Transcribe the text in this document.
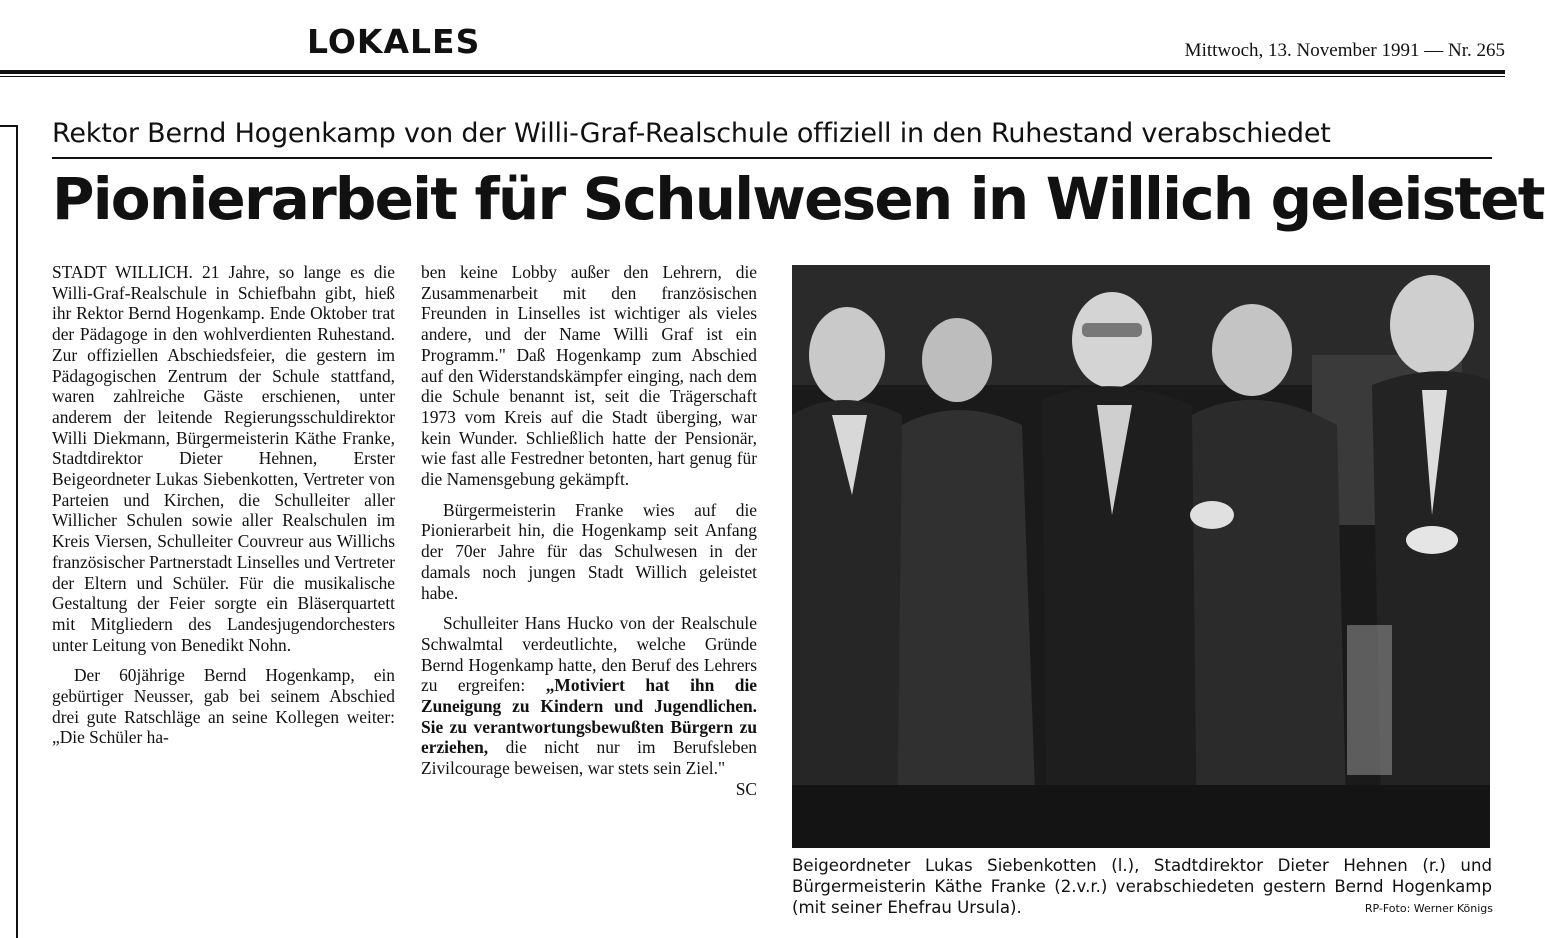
LOKALES	Mittwoch, 13. November 1991 — Nr. 265
Rektor Bernd Hogenkamp von der Willi-Graf-Realschule offiziell in den Ruhestand verabschiedet
Pionierarbeit für Schulwesen in Willich geleistet

STADT WILLICH. 21 Jahre, so lange es die Willi-Graf-Realschule in Schiefbahn gibt, hieß ihr Rektor Bernd Hogenkamp. Ende Oktober trat der Pädagoge in den wohlverdienten Ruhestand. Zur offiziellen Abschiedsfeier, die gestern im Pädagogischen Zentrum der Schule stattfand, waren zahlreiche Gäste erschienen, unter anderem der leitende Regierungsschuldirektor Willi Diekmann, Bürgermeisterin Käthe Franke, Stadtdirektor Dieter Hehnen, Erster Beigeordneter Lukas Siebenkotten, Vertreter von Parteien und Kirchen, die Schulleiter aller Willicher Schulen sowie aller Realschulen im Kreis Viersen, Schulleiter Couvreur aus Willichs französischer Partnerstadt Linselles und Vertreter der Eltern und Schüler. Für die musikalische Gestaltung der Feier sorgte ein Bläserquartett mit Mitgliedern des Landesjugendorchesters unter Leitung von Benedikt Nohn.

Der 60jährige Bernd Hogenkamp, ein gebürtiger Neusser, gab bei seinem Abschied drei gute Ratschläge an seine Kollegen weiter: „Die Schüler ha-

ben keine Lobby außer den Lehrern, die Zusammenarbeit mit den französischen Freunden in Linselles ist wichtiger als vieles andere, und der Name Willi Graf ist ein Programm." Daß Hogenkamp zum Abschied auf den Widerstandskämpfer einging, nach dem die Schule benannt ist, seit die Trägerschaft 1973 vom Kreis auf die Stadt überging, war kein Wunder. Schließlich hatte der Pensionär, wie fast alle Festredner betonten, hart genug für die Namensgebung gekämpft.

Bürgermeisterin Franke wies auf die Pionierarbeit hin, die Hogenkamp seit Anfang der 70er Jahre für das Schulwesen in der damals noch jungen Stadt Willich geleistet habe.

Schulleiter Hans Hucko von der Realschule Schwalmtal verdeutlichte, welche Gründe Bernd Hogenkamp hatte, den Beruf des Lehrers zu ergreifen: „Motiviert hat ihn die Zuneigung zu Kindern und Jugendlichen. Sie zu verantwortungsbewußten Bürgern zu erziehen, die nicht nur im Berufsleben Zivilcourage beweisen, war stets sein Ziel."
SC

Beigeordneter Lukas Siebenkotten (l.), Stadtdirektor Dieter Hehnen (r.) und Bürgermeisterin Käthe Franke (2.v.r.) verabschiedeten gestern Bernd Hogenkamp (mit seiner Ehefrau Ursula).	RP-Foto: Werner Königs
